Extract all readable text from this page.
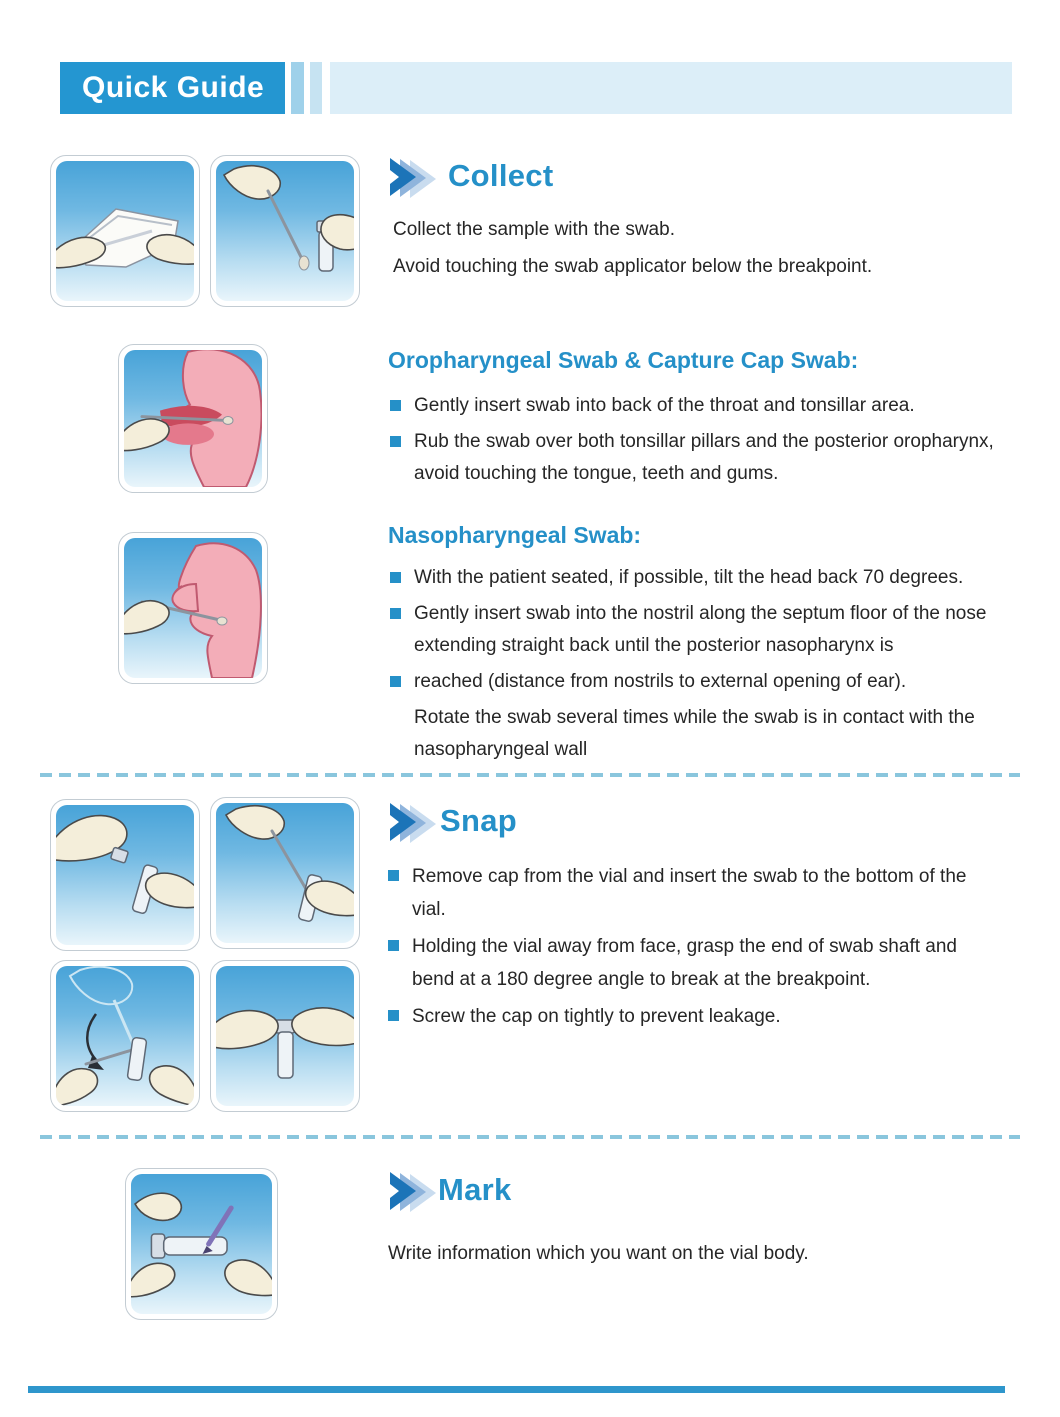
Quick Guide
Collect
Collect the sample with the swab.
Avoid touching the swab applicator below the breakpoint.
Oropharyngeal Swab & Capture Cap Swab:
Gently insert swab into back of the throat and tonsillar area.
Rub the swab over both tonsillar pillars and the posterior oropharynx, avoid touching the tongue, teeth and gums.
Nasopharyngeal Swab:
With the patient seated, if possible, tilt the head back 70 degrees.
Gently insert swab into the nostril along the septum floor of the nose extending straight back until the posterior nasopharynx is
reached (distance from nostrils to external opening of ear).
Rotate the swab several times while the swab is in contact with the nasopharyngeal wall
Snap
Remove cap from the vial and insert the swab to the bottom of the vial.
Holding the vial away from face, grasp the end of swab shaft and bend at a 180 degree angle to break at the breakpoint.
Screw the cap on tightly to prevent leakage.
Mark
Write information which you want on the vial body.
